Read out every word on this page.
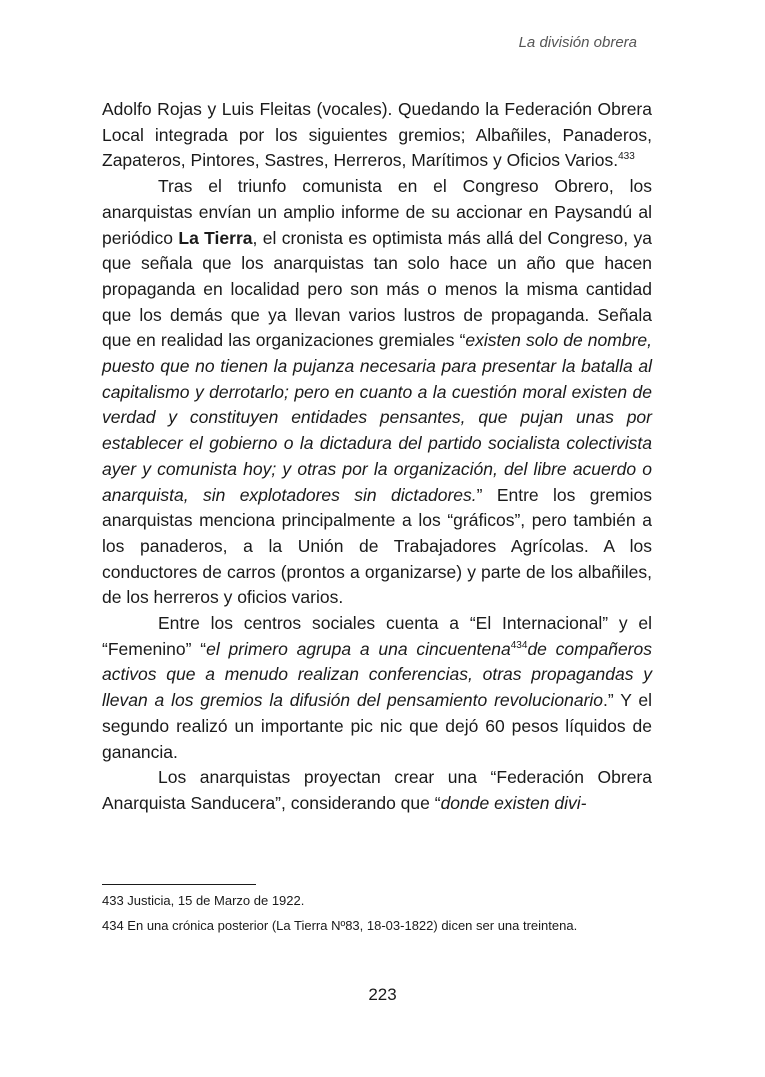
La división obrera

Adolfo Rojas y Luis Fleitas (vocales). Quedando la Federación Obrera Local integrada por los siguientes gremios; Albañiles, Panaderos, Zapateros, Pintores, Sastres, Herreros, Marítimos y Oficios Varios.$^{433}$

Tras el triunfo comunista en el Congreso Obrero, los anarquistas envían un amplio informe de su accionar en Paysandú al periódico La Tierra, el cronista es optimista más allá del Congreso, ya que señala que los anarquistas tan solo hace un año que hacen propaganda en localidad pero son más o menos la misma cantidad que los demás que ya llevan varios lustros de propaganda. Señala que en realidad las organizaciones gremiales “existen solo de nombre, puesto que no tienen la pujanza necesaria para presentar la batalla al capitalismo y derrotarlo; pero en cuanto a la cuestión moral existen de verdad y constituyen entidades pensantes, que pujan unas por establecer el gobierno o la dictadura del partido socialista colectivista ayer y comunista hoy; y otras por la organización, del libre acuerdo o anarquista, sin explotadores sin dictadores.” Entre los gremios anarquistas menciona principalmente a los “gráficos”, pero también a los panaderos, a la Unión de Trabajadores Agrícolas. A los conductores de carros (prontos a organizarse) y parte de los albañiles, de los herreros y oficios varios.

Entre los centros sociales cuenta a “El Internacional” y el “Femenino” “el primero agrupa a una cincuentena$^{434}$de compañeros activos que a menudo realizan conferencias, otras propagandas y llevan a los gremios la difusión del pensamiento revolucionario.” Y el segundo realizó un importante pic nic que dejó 60 pesos líquidos de ganancia.

Los anarquistas proyectan crear una “Federación Obrera Anarquista Sanducera”, considerando que “donde existen divi-

433 Justicia, 15 de Marzo de 1922.

434 En una crónica posterior (La Tierra Nº83, 18-03-1822) dicen ser una treintena.

223
